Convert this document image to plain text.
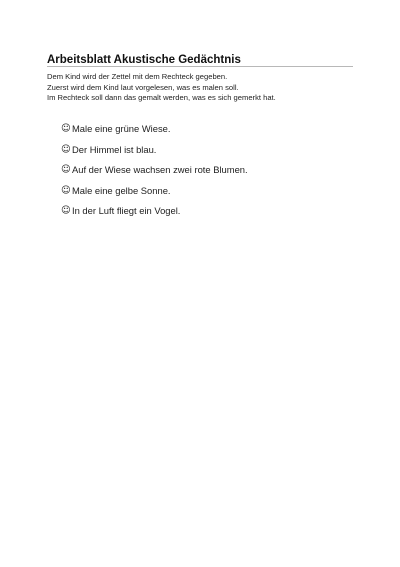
Arbeitsblatt Akustische Gedächtnis
Dem Kind wird der Zettel mit dem Rechteck gegeben.
Zuerst wird dem Kind laut vorgelesen, was es malen soll.
Im Rechteck soll dann das gemalt werden, was es sich gemerkt hat.
☺ Male eine grüne Wiese.
☺ Der Himmel ist blau.
☺ Auf der Wiese wachsen zwei rote Blumen.
☺ Male eine gelbe Sonne.
☺ In der Luft fliegt ein Vogel.
